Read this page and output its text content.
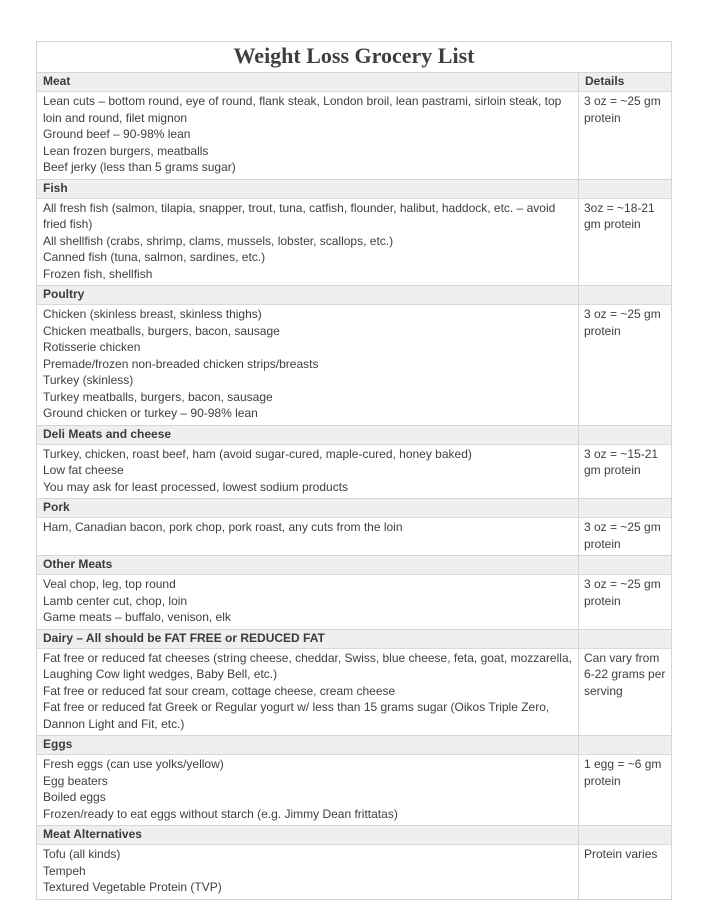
Weight Loss Grocery List	
Meat	Details

Lean cuts – bottom round, eye of round, flank steak, London broil, lean pastrami, sirloin steak, top loin and round, filet mignon
Ground beef – 90-98% lean
Lean frozen burgers, meatballs
Beef jerky (less than 5 grams sugar)	3 oz = ~25 gm protein
Fish	

All fresh fish (salmon, tilapia, snapper, trout, tuna, catfish, flounder, halibut, haddock, etc. – avoid fried fish)
All shellfish (crabs, shrimp, clams, mussels, lobster, scallops, etc.)
Canned fish (tuna, salmon, sardines, etc.)
Frozen fish, shellfish	3oz = ~18-21 gm protein
Poultry	

Chicken (skinless breast, skinless thighs)
Chicken meatballs, burgers, bacon, sausage
Rotisserie chicken
Premade/frozen non-breaded chicken strips/breasts
Turkey (skinless)
Turkey meatballs, burgers, bacon, sausage
Ground chicken or turkey – 90-98% lean
	3 oz = ~25 gm protein
Deli Meats and cheese	

Turkey, chicken, roast beef, ham (avoid sugar-cured, maple-cured, honey baked)
Low fat cheese
You may ask for least processed, lowest sodium products	3 oz = ~15-21 gm protein
Pork	

Ham, Canadian bacon, pork chop, pork roast, any cuts from the loin	3 oz = ~25 gm protein
Other Meats	

Veal chop, leg, top round
Lamb center cut, chop, loin
Game meats – buffalo, venison, elk	3 oz = ~25 gm protein
Dairy – All should be FAT FREE or REDUCED FAT	

Fat free or reduced fat cheeses (string cheese, cheddar, Swiss, blue cheese, feta, goat, mozzarella, Laughing Cow light wedges, Baby Bell, etc.)
Fat free or reduced fat sour cream, cottage cheese, cream cheese
Fat free or reduced fat Greek or Regular yogurt w/ less than 15 grams sugar (Oikos Triple Zero, Dannon Light and Fit, etc.)	Can vary from 6-22 grams per serving
Eggs	

Fresh eggs (can use yolks/yellow)
Egg beaters
Boiled eggs
Frozen/ready to eat eggs without starch (e.g. Jimmy Dean frittatas)	1 egg = ~6 gm protein
Meat Alternatives	

Tofu (all kinds)
Tempeh
Textured Vegetable Protein (TVP)	Protein varies
